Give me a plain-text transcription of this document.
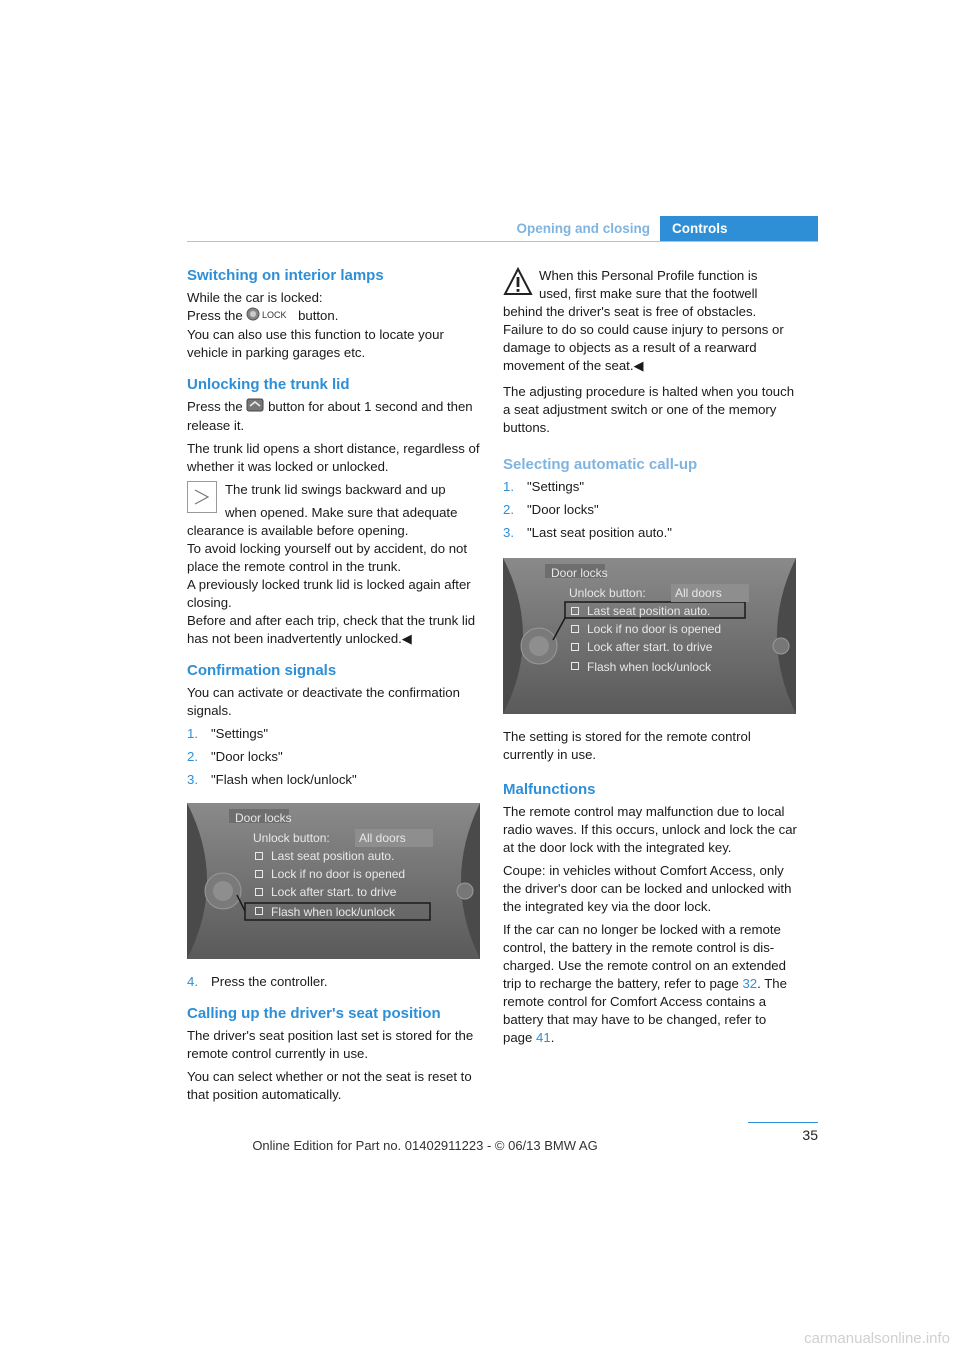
Opening and closing	Controls
Switching on interior lamps

While the car is locked:

Press the LOCK button.

You can also use this function to locate your vehicle in parking garages etc.

Unlocking the trunk lid

Press the button for about 1 second and then release it.

The trunk lid opens a short distance, regardless of whether it was locked or unlocked.

The trunk lid swings backward and up
when opened. Make sure that adequate clearance is available before opening.
To avoid locking yourself out by accident, do not place the remote control in the trunk.
A previously locked trunk lid is locked again after closing.
Before and after each trip, check that the trunk lid has not been inadvertently unlocked.◀
Confirmation signals

You can activate or deactivate the confirmation signals.

1. "Settings"
2. "Door locks"
3. "Flash when lock/unlock"
Door locks
Unlock button:	All doors
Last seat position auto.
Lock if no door is opened
Lock after start. to drive
Flash when lock/unlock
4. Press the controller.
Calling up the driver's seat position

The driver's seat position last set is stored for the remote control currently in use.

You can select whether or not the seat is reset to that position automatically.

When this Personal Profile function is
used, first make sure that the footwell
behind the driver's seat is free of obstacles. Failure to do so could cause injury to persons or damage to objects as a result of a rearward movement of the seat.◀

The adjusting procedure is halted when you touch a seat adjustment switch or one of the memory buttons.

Selecting automatic call-up
1. "Settings"
2. "Door locks"
3. "Last seat position auto."
Door locks
Unlock button:	All doors
Last seat position auto.
Lock if no door is opened
Lock after start. to drive
Flash when lock/unlock

The setting is stored for the remote control currently in use.

Malfunctions

The remote control may malfunction due to local radio waves. If this occurs, unlock and lock the car at the door lock with the integrated key.

Coupe: in vehicles without Comfort Access, only the driver's door can be locked and unlocked with the integrated key via the door lock.

If the car can no longer be locked with a remote control, the battery in the remote control is dis-charged. Use the remote control on an extended trip to recharge the battery, refer to page 32. The remote control for Comfort Access contains a battery that may have to be changed, refer to page 41.

35
Online Edition for Part no. 01402911223 - © 06/13 BMW AG
carmanualsonline.info
